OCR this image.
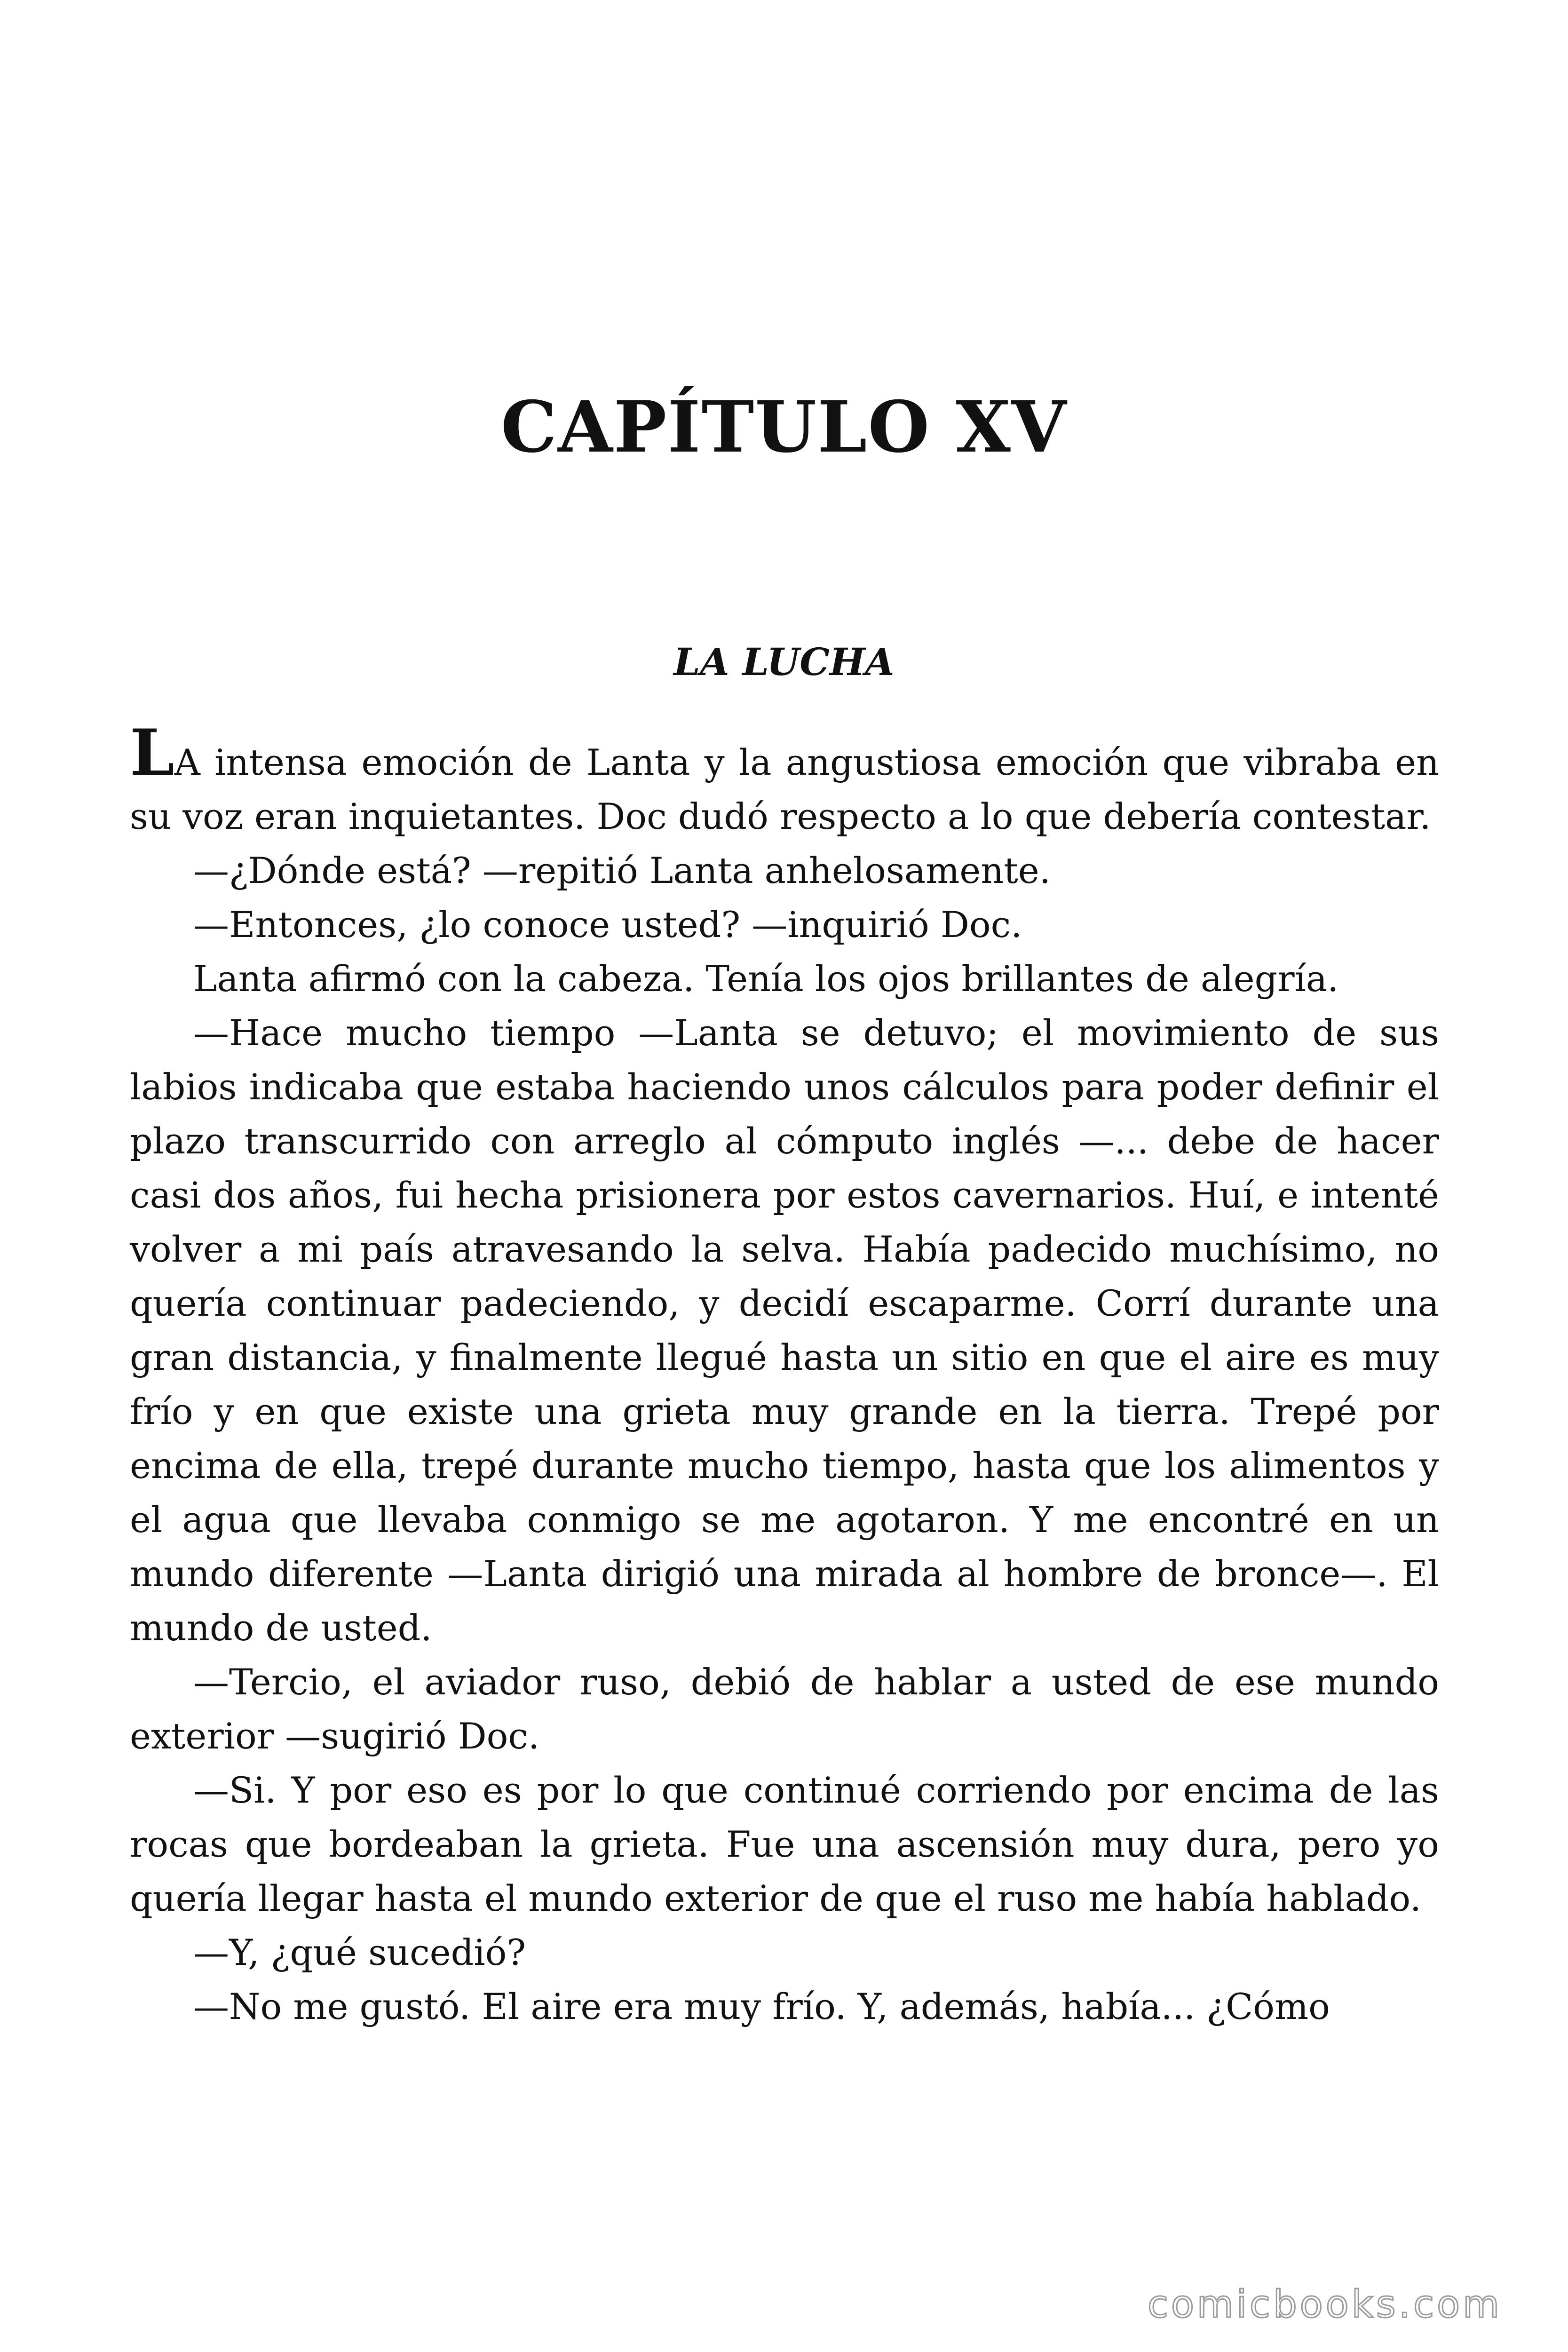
CAPÍTULO XV
LA LUCHA

LA intensa emoción de Lanta y la angustiosa emoción que vibraba en su voz eran inquietantes. Doc dudó respecto a lo que debería contestar.

—¿Dónde está? —repitió Lanta anhelosamente.

—Entonces, ¿lo conoce usted? —inquirió Doc.

Lanta afirmó con la cabeza. Tenía los ojos brillantes de alegría.

—Hace mucho tiempo —Lanta se detuvo; el movimiento de sus labios indicaba que estaba haciendo unos cálculos para poder definir el plazo transcurrido con arreglo al cómputo inglés —... debe de hacer casi dos años, fui hecha prisionera por estos cavernarios. Huí, e intenté volver a mi país atravesando la selva. Había padecido muchísimo, no quería continuar padeciendo, y decidí escaparme. Corrí durante una gran distancia, y finalmente llegué hasta un sitio en que el aire es muy frío y en que existe una grieta muy grande en la tierra. Trepé por encima de ella, trepé durante mucho tiempo, hasta que los alimentos y el agua que llevaba conmigo se me agotaron. Y me encontré en un mundo diferente —Lanta dirigió una mirada al hombre de bronce—. El mundo de usted.

—Tercio, el aviador ruso, debió de hablar a usted de ese mundo exterior —sugirió Doc.

—Si. Y por eso es por lo que continué corriendo por encima de las rocas que bordeaban la grieta. Fue una ascensión muy dura, pero yo quería llegar hasta el mundo exterior de que el ruso me había hablado.

—Y, ¿qué sucedió?

—No me gustó. El aire era muy frío. Y, además, había... ¿Cómo

comicbooks.com
